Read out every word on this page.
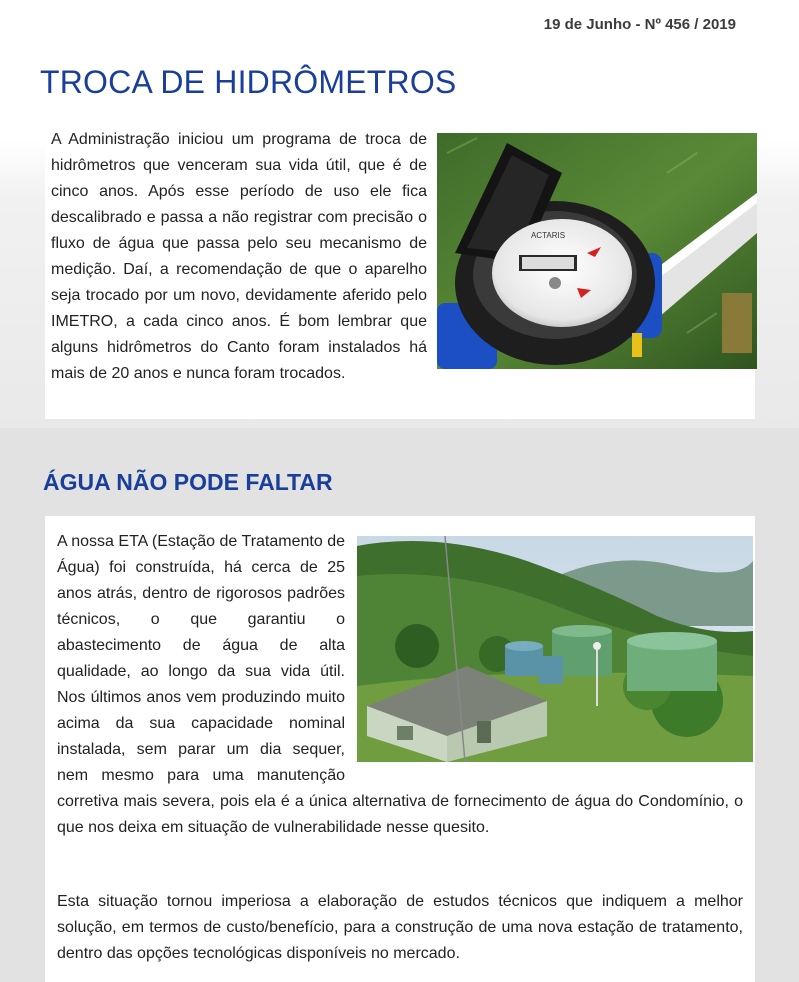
19 de Junho - Nº 456 / 2019
TROCA DE HIDRÔMETROS
ACTARIS
A Administração iniciou um programa de troca de hidrômetros que venceram sua vida útil, que é de cinco anos. Após esse período de uso ele fica descalibrado e passa a não registrar com precisão o fluxo de água que passa pelo seu mecanismo de medição. Daí, a recomendação de que o aparelho seja trocado por um novo, devidamente aferido pelo IMETRO, a cada cinco anos. É bom lembrar que alguns hidrômetros do Canto foram instalados há mais de 20 anos e nunca foram trocados.
ÁGUA NÃO PODE FALTAR
A nossa ETA (Estação de Tratamento de Água) foi construída, há cerca de 25 anos atrás, dentro de rigorosos padrões técnicos, o que garantiu o abastecimento de água de alta qualidade, ao longo da sua vida útil. Nos últimos anos vem produzindo muito acima da sua capacidade nominal instalada, sem parar um dia sequer, nem mesmo para uma manutenção corretiva mais severa, pois ela é a única alternativa de fornecimento de água do Condomínio, o que nos deixa em situação de vulnerabilidade nesse quesito.

Esta situação tornou imperiosa a elaboração de estudos técnicos que indiquem a melhor solução, em termos de custo/benefício, para a construção de uma nova estação de tratamento, dentro das opções tecnológicas disponíveis no mercado.
